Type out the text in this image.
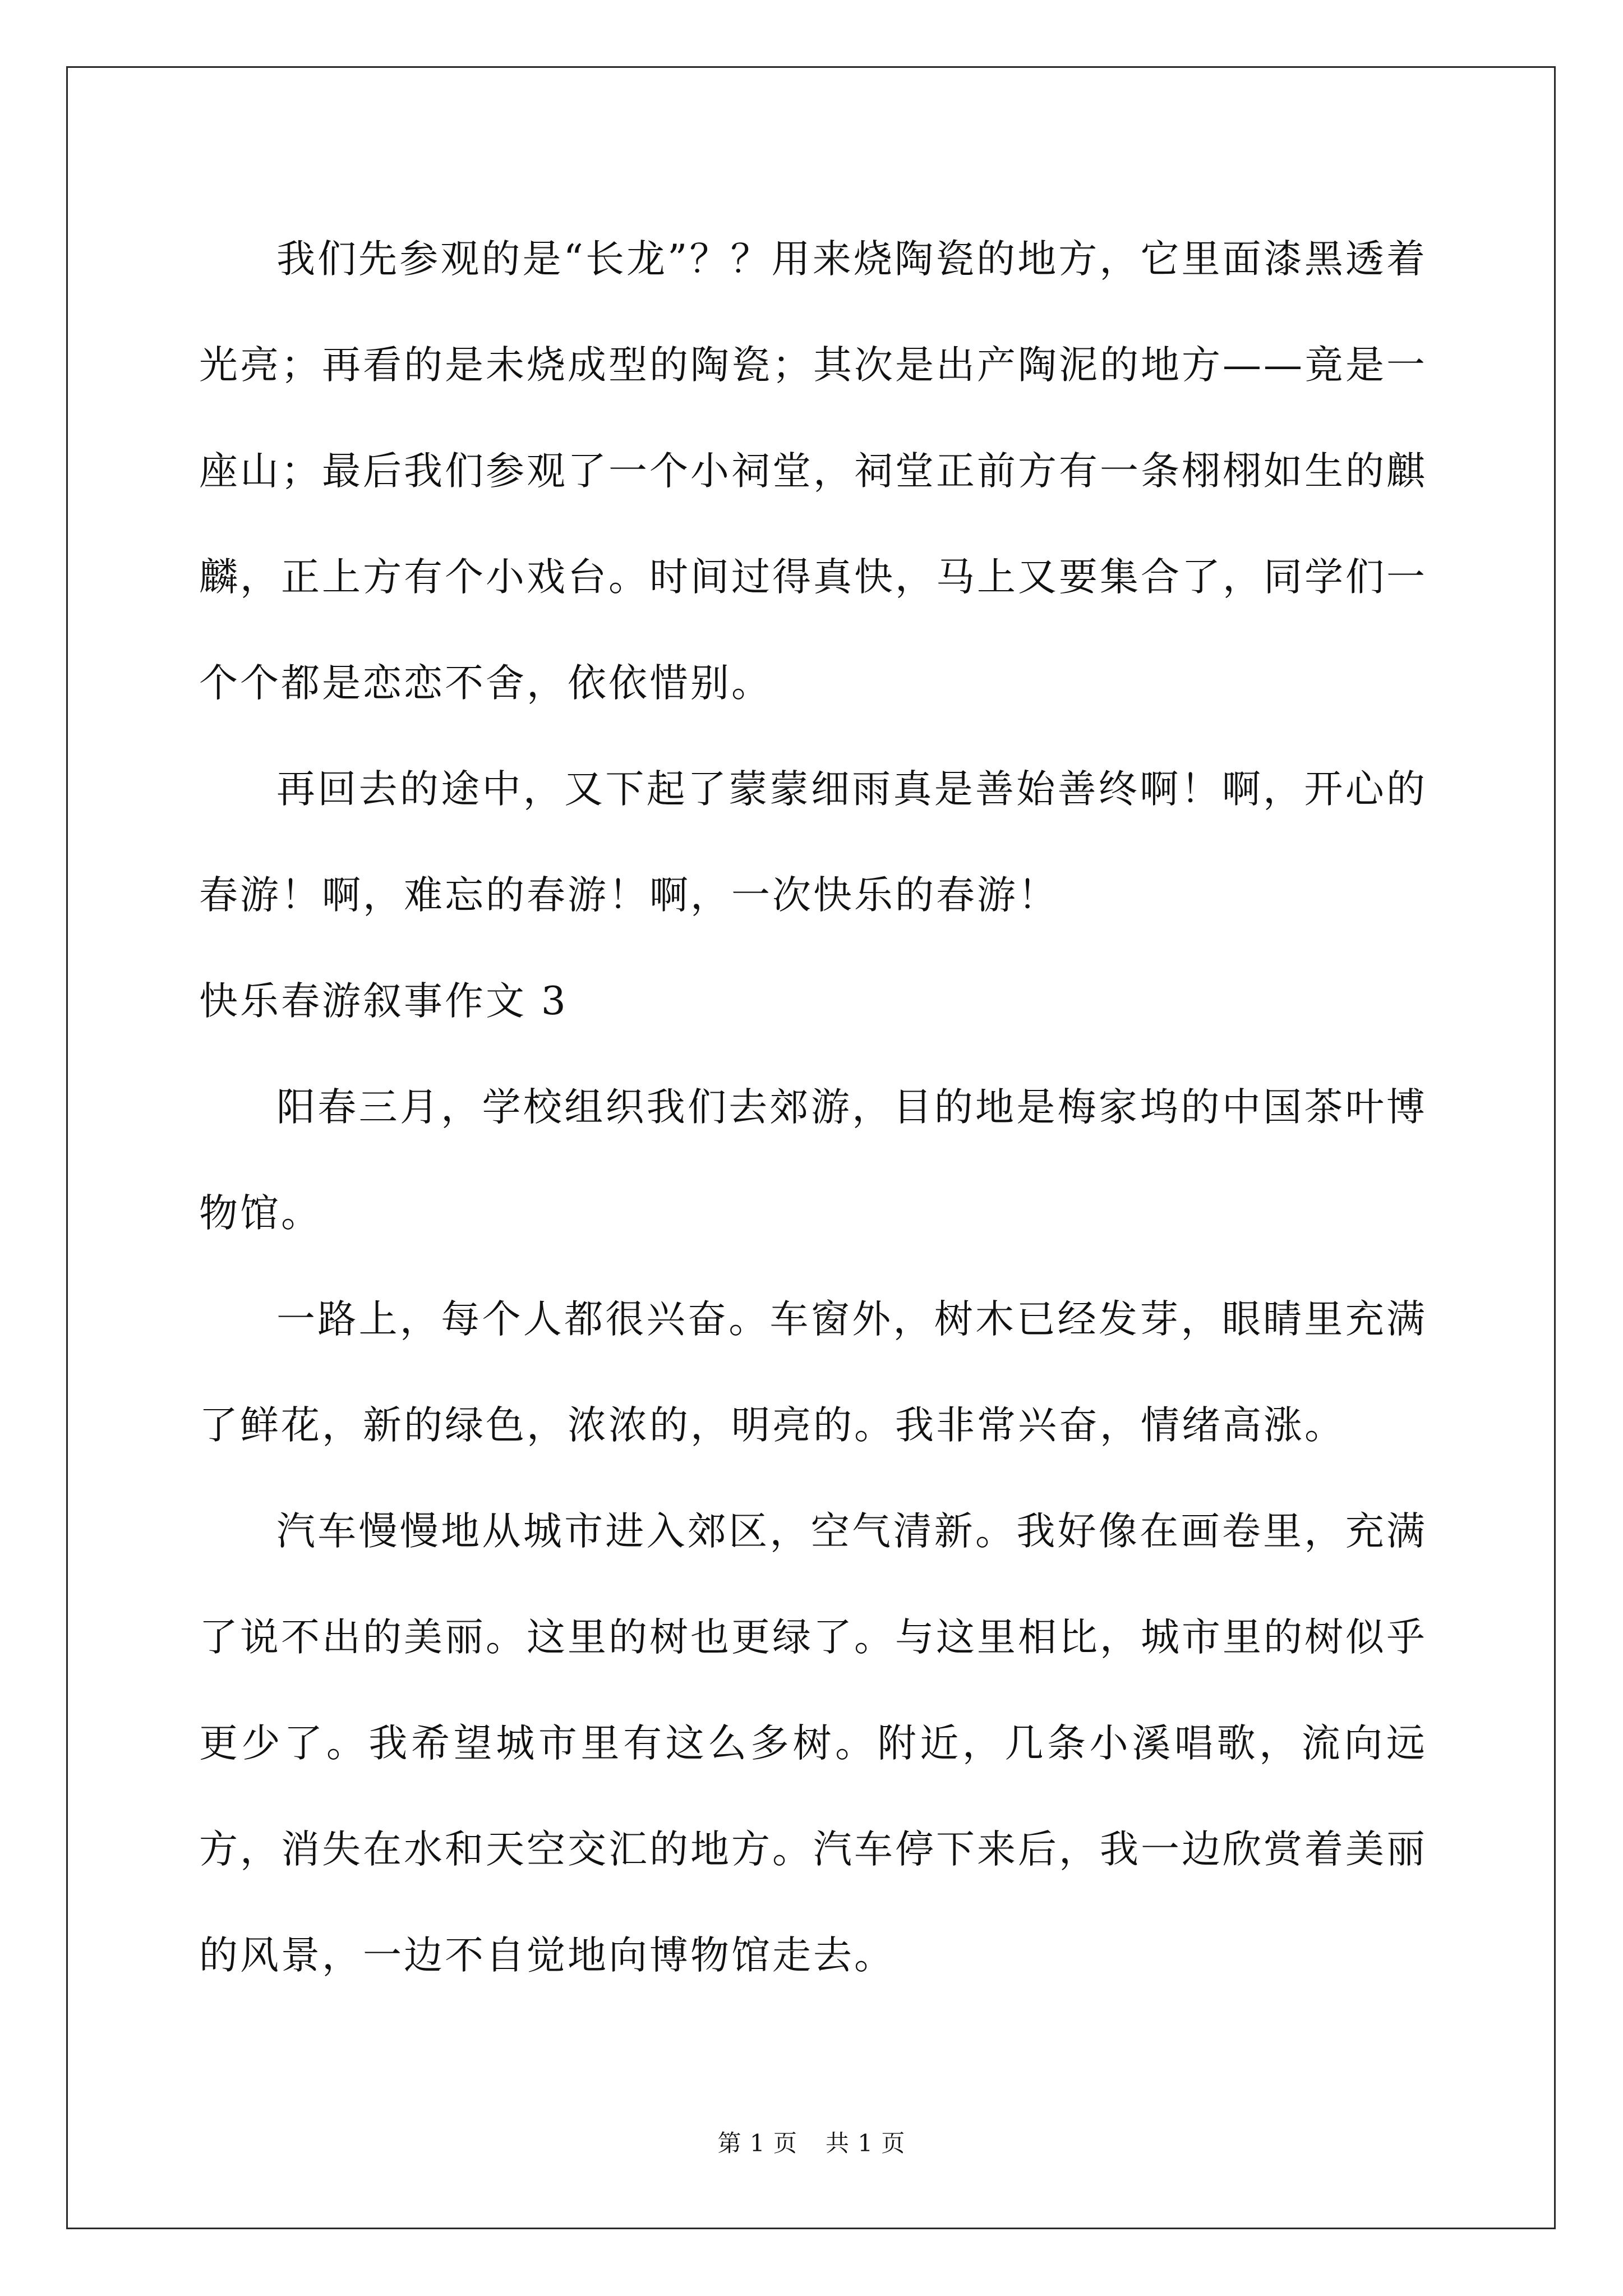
我们先参观的是“长龙”？？用来烧陶瓷的地方，它里面漆黑透着光亮；再看的是未烧成型的陶瓷；其次是出产陶泥的地方——竟是一座山；最后我们参观了一个小祠堂，祠堂正前方有一条栩栩如生的麒麟，正上方有个小戏台。时间过得真快，马上又要集合了，同学们一个个都是恋恋不舍，依依惜别。

再回去的途中，又下起了蒙蒙细雨真是善始善终啊！啊，开心的春游！啊，难忘的春游！啊，一次快乐的春游！

快乐春游叙事作文 3

阳春三月，学校组织我们去郊游，目的地是梅家坞的中国茶叶博物馆。

一路上，每个人都很兴奋。车窗外，树木已经发芽，眼睛里充满了鲜花，新的绿色，浓浓的，明亮的。我非常兴奋，情绪高涨。

汽车慢慢地从城市进入郊区，空气清新。我好像在画卷里，充满了说不出的美丽。这里的树也更绿了。与这里相比，城市里的树似乎更少了。我希望城市里有这么多树。附近，几条小溪唱歌，流向远方，消失在水和天空交汇的地方。汽车停下来后，我一边欣赏着美丽的风景，一边不自觉地向博物馆走去。

第 1 页 共 1 页
